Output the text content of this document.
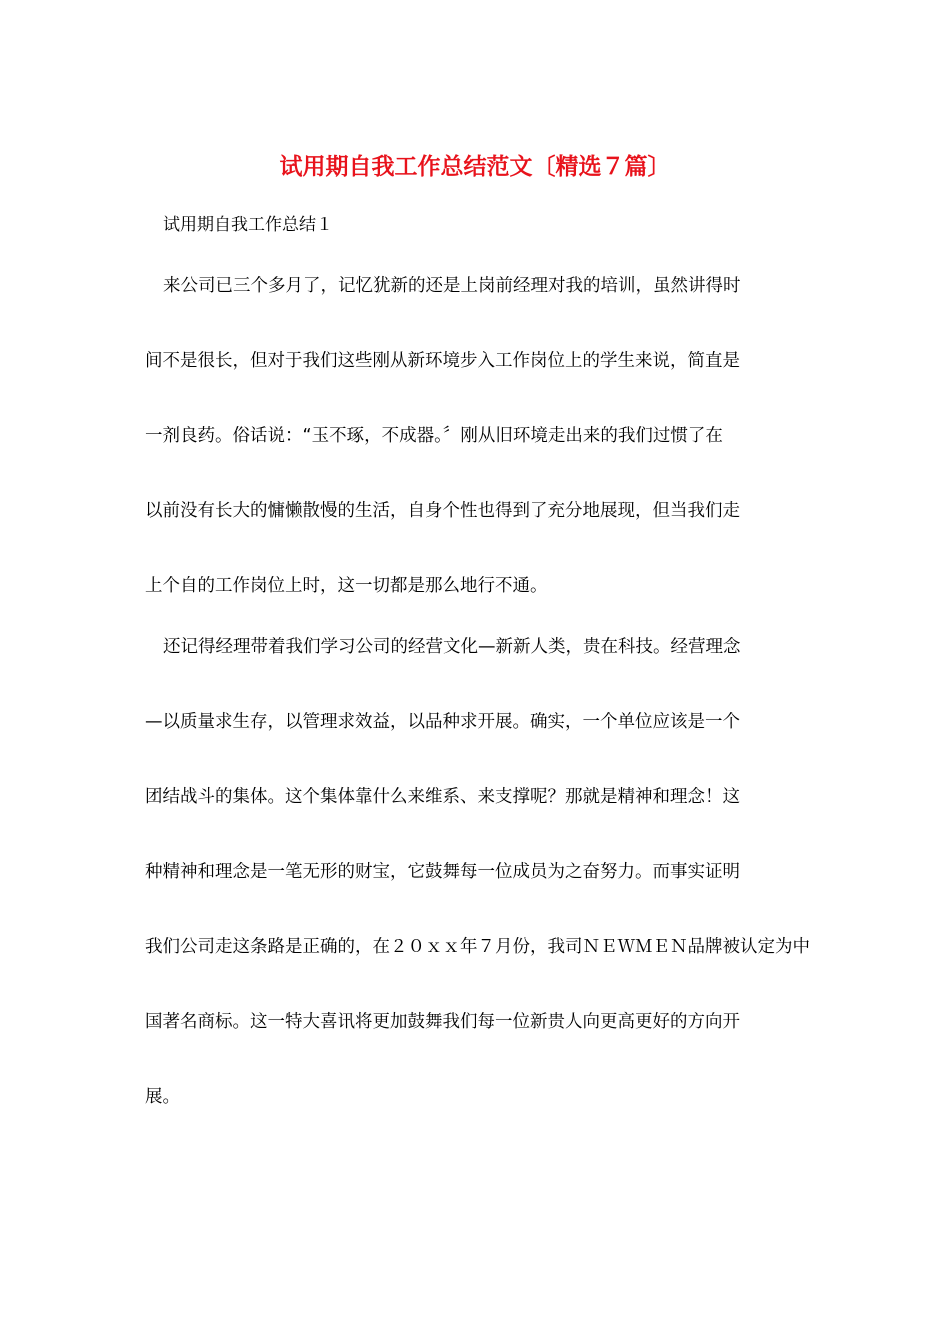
试用期自我工作总结范文〔精选７篇〕

试用期自我工作总结１

来公司已三个多月了，记忆犹新的还是上岗前经理对我的培训，虽然讲得时
间不是很长，但对于我们这些刚从新环境步入工作岗位上的学生来说，简直是
一剂良药。俗话说：“玉不琢，不成器。〞刚从旧环境走出来的我们过惯了在
以前没有长大的慵懒散慢的生活，自身个性也得到了充分地展现，但当我们走
上个自的工作岗位上时，这一切都是那么地行不通。
还记得经理带着我们学习公司的经营文化—新新人类，贵在科技。经营理念
—以质量求生存，以管理求效益，以品种求开展。确实，一个单位应该是一个
团结战斗的集体。这个集体靠什么来维系、来支撑呢？那就是精神和理念！这
种精神和理念是一笔无形的财宝，它鼓舞每一位成员为之奋努力。而事实证明
我们公司走这条路是正确的，在２０ｘｘ年７月份，我司ＮＥＷＭＥＮ品牌被认定为中
国著名商标。这一特大喜讯将更加鼓舞我们每一位新贵人向更高更好的方向开
展。
